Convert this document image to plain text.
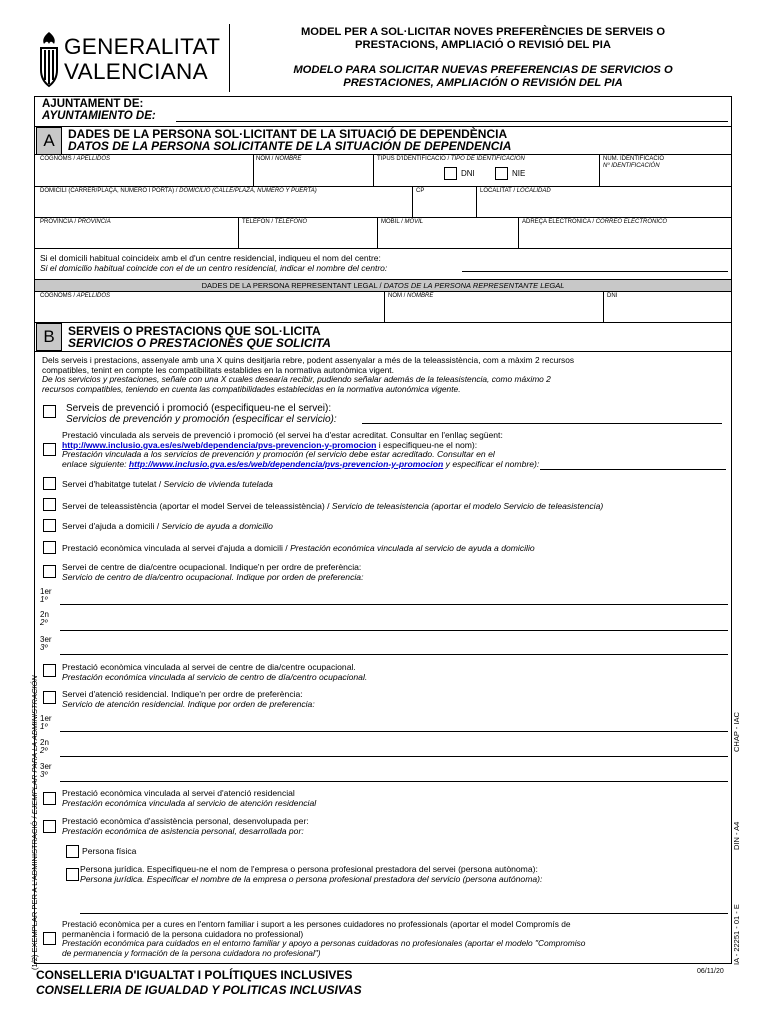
GENERALITAT
VALENCIANA
MODEL PER A SOL·LICITAR NOVES PREFERÈNCIES DE SERVEIS O
PRESTACIONS, AMPLIACIÓ O REVISIÓ DEL PIA
MODELO PARA SOLICITAR NUEVAS PREFERENCIAS DE SERVICIOS O
PRESTACIONES, AMPLIACIÓN O REVISIÓN DEL PIA
AJUNTAMENT DE:
AYUNTAMIENTO DE:
A	DADES DE LA PERSONA SOL·LICITANT DE LA SITUACIÓ DE DEPENDÈNCIA
DATOS DE LA PERSONA SOLICITANTE DE LA SITUACIÓN DE DEPENDENCIA
COGNOMS / APELLIDOS	NOM / NOMBRE	TIPUS D'IDENTIFICACIÓ / TIPO DE IDENTIFICACIÓN
DNI	NIE
NÚM. IDENTIFICACIÓ
Nº IDENTIFICACIÓN
DOMICILI (CARRER/PLAÇA, NÚMERO I PORTA) / DOMICILIO (CALLE/PLAZA, NÚMERO Y PUERTA)	CP	LOCALITAT / LOCALIDAD
PROVÍNCIA / PROVINCIA	TELÈFON / TELÉFONO	MÒBIL / MÓVIL	ADREÇA ELECTRÒNICA / CORREO ELECTRÓNICO
Si el domicili habitual coincideix amb el d'un centre residencial, indiqueu el nom del centre:
Si el domicilio habitual coincide con el de un centro residencial, indicar el nombre del centro:
DADES DE LA PERSONA REPRESENTANT LEGAL / DATOS DE LA PERSONA REPRESENTANTE LEGAL
COGNOMS / APELLIDOS	NOM / NOMBRE	DNI
B	SERVEIS O PRESTACIONS QUE SOL·LICITA
SERVICIOS O PRESTACIONES QUE SOLICITA
Dels serveis i prestacions, assenyale amb una X quins desitjaria rebre, podent assenyalar a més de la teleassistència, com a màxim 2 recursos
compatibles, tenint en compte les compatibilitats establides en la normativa autonòmica vigent.
De los servicios y prestaciones, señale con una X cuales desearía recibir, pudiendo señalar además de la teleasistencia, como máximo 2
recursos compatibles, teniendo en cuenta las compatibilidades establecidas en la normativa autonómica vigente.
Serveis de prevenció i promoció (especifiqueu-ne el servei):
Servicios de prevención y promoción (especificar el servicio):
Prestació vinculada als serveis de prevenció i promoció (el servei ha d'estar acreditat. Consultar en l'enllaç següent:
http://www.inclusio.gva.es/es/web/dependencia/pvs-prevencion-y-promocion i especifiqueu-ne el nom):
Prestación vinculada a los servicios de prevención y promoción (el servicio debe estar acreditado. Consultar en el
enlace siguiente: http://www.inclusio.gva.es/es/web/dependencia/pvs-prevencion-y-promocion y especificar el nombre):
Servei d'habitatge tutelat / Servicio de vivienda tutelada
Servei de teleassistència (aportar el model Servei de teleassistència) / Servicio de teleasistencia (aportar el modelo Servicio de teleasistencia)
Servei d'ajuda a domicili / Servicio de ayuda a domicilio
Prestació econòmica vinculada al servei d'ajuda a domicili / Prestación económica vinculada al servicio de ayuda a domicilio
Servei de centre de dia/centre ocupacional. Indique'n per ordre de preferència:
Servicio de centro de día/centro ocupacional. Indique por orden de preferencia:
1er
1º
2n
2º
3er
3º
Prestació econòmica vinculada al servei de centre de dia/centre ocupacional.
Prestación económica vinculada al servicio de centro de día/centro ocupacional.
Servei d'atenció residencial. Indique'n per ordre de preferència:
Servicio de atención residencial. Indique por orden de preferencia:
1er
1º
2n
2º
3er
3º
Prestació econòmica vinculada al servei d'atenció residencial
Prestación económica vinculada al servicio de atención residencial
Prestació econòmica d'assistència personal, desenvolupada per:
Prestación económica de asistencia personal, desarrollada por:
Persona física
Persona jurídica. Especifiqueu-ne el nom de l'empresa o persona profesional prestadora del servei (persona autònoma):
Persona jurídica. Especificar el nombre de la empresa o persona profesional prestadora del servicio (persona autónoma):
Prestació econòmica per a cures en l'entorn familiar i suport a les persones cuidadores no professionals (aportar el model Compromís de
permanència i formació de la persona cuidadora no professional)
Prestación económica para cuidados en el entorno familiar y apoyo a personas cuidadoras no profesionales (aportar el modelo "Compromiso
de permanencia y formación de la persona cuidadora no profesional")
CONSELLERIA D'IGUALTAT I POLÍTIQUES INCLUSIVES
CONSELLERIA DE IGUALDAD Y POLITICAS INCLUSIVAS
06/11/20
(1/2) EXEMPLAR PER A L'ADMINISTRACIÓ / EJEMPLAR PARA LA ADMINISTRACIÓN	CHAP - IAC
DIN - A4
IA - 22251 - 01 - E
